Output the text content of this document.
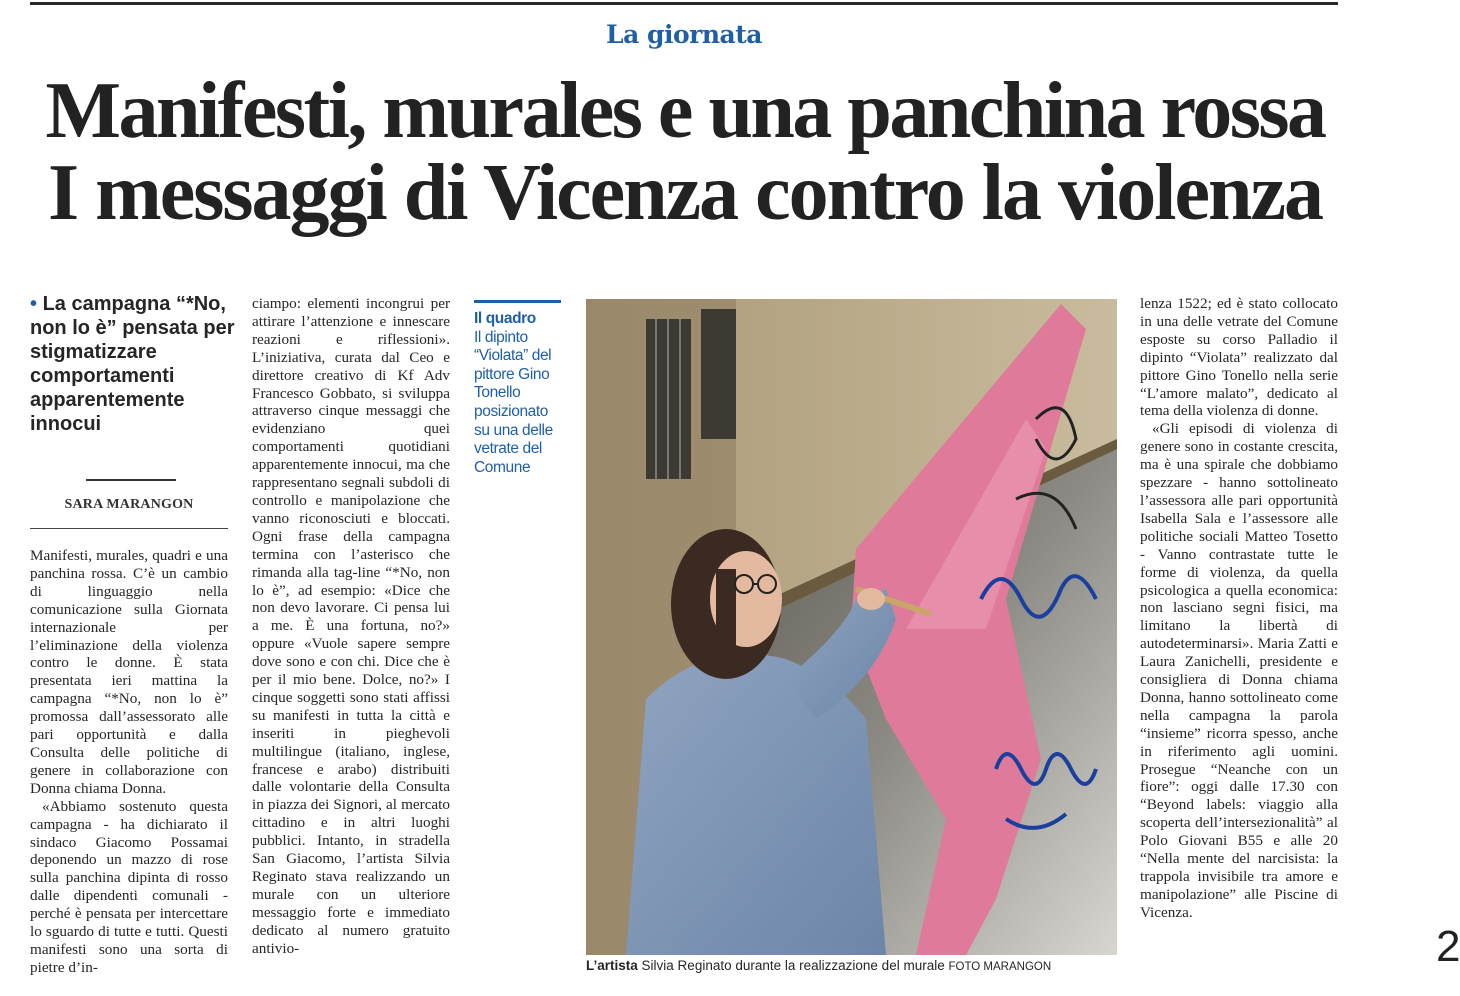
La giornata
Manifesti, murales e una panchina rossa
I messaggi di Vicenza contro la violenza
• La campagna “*No, non lo è” pensata per stigmatizzare comportamenti apparentemente innocui
SARA MARANGON

Manifesti, murales, quadri e una panchina rossa. C’è un cambio di linguaggio nella comunicazione sulla Giornata internazionale per l’eliminazione della violenza contro le donne. È stata presentata ieri mattina la campagna “*No, non lo è” promossa dall’assessorato alle pari opportunità e dalla Consulta delle politiche di genere in collaborazione con Donna chiama Donna.

«Abbiamo sostenuto questa campagna - ha dichiarato il sindaco Giacomo Possamai deponendo un mazzo di rose sulla panchina dipinta di rosso dalle dipendenti comunali - perché è pensata per intercettare lo sguardo di tutte e tutti. Questi manifesti sono una sorta di pietre d’in-

ciampo: elementi incongrui per attirare l’attenzione e innescare reazioni e riflessioni». L’iniziativa, curata dal Ceo e direttore creativo di Kf Adv Francesco Gobbato, si sviluppa attraverso cinque messaggi che evidenziano quei comportamenti quotidiani apparentemente innocui, ma che rappresentano segnali subdoli di controllo e manipolazione che vanno riconosciuti e bloccati. Ogni frase della campagna termina con l’asterisco che rimanda alla tag-line “*No, non lo è”, ad esempio: «Dice che non devo lavorare. Ci pensa lui a me. È una fortuna, no?» oppure «Vuole sapere sempre dove sono e con chi. Dice che è per il mio bene. Dolce, no?» I cinque soggetti sono stati affissi su manifesti in tutta la città e inseriti in pieghevoli multilingue (italiano, inglese, francese e arabo) distribuiti dalle volontarie della Consulta in piazza dei Signori, al mercato cittadino e in altri luoghi pubblici. Intanto, in stradella San Giacomo, l’artista Silvia Reginato stava realizzando un murale con un ulteriore messaggio forte e immediato dedicato al numero gratuito antivio-

Il quadro
Il dipinto “Violata” del pittore Gino Tonello posizionato su una delle vetrate del Comune
L’artista Silvia Reginato durante la realizzazione del murale FOTO MARANGON

lenza 1522; ed è stato collocato in una delle vetrate del Comune esposte su corso Palladio il dipinto “Violata” realizzato dal pittore Gino Tonello nella serie “L’amore malato”, dedicato al tema della violenza di donne.

«Gli episodi di violenza di genere sono in costante crescita, ma è una spirale che dobbiamo spezzare - hanno sottolineato l’assessora alle pari opportunità Isabella Sala e l’assessore alle politiche sociali Matteo Tosetto - Vanno contrastate tutte le forme di violenza, da quella psicologica a quella economica: non lasciano segni fisici, ma limitano la libertà di autodeterminarsi». Maria Zatti e Laura Zanichelli, presidente e consigliera di Donna chiama Donna, hanno sottolineato come nella campagna la parola “insieme” ricorra spesso, anche in riferimento agli uomini. Prosegue “Neanche con un fiore”: oggi dalle 17.30 con “Beyond labels: viaggio alla scoperta dell’intersezionalità” al Polo Giovani B55 e alle 20 “Nella mente del narcisista: la trappola invisibile tra amore e manipolazione” alle Piscine di Vicenza.

2
